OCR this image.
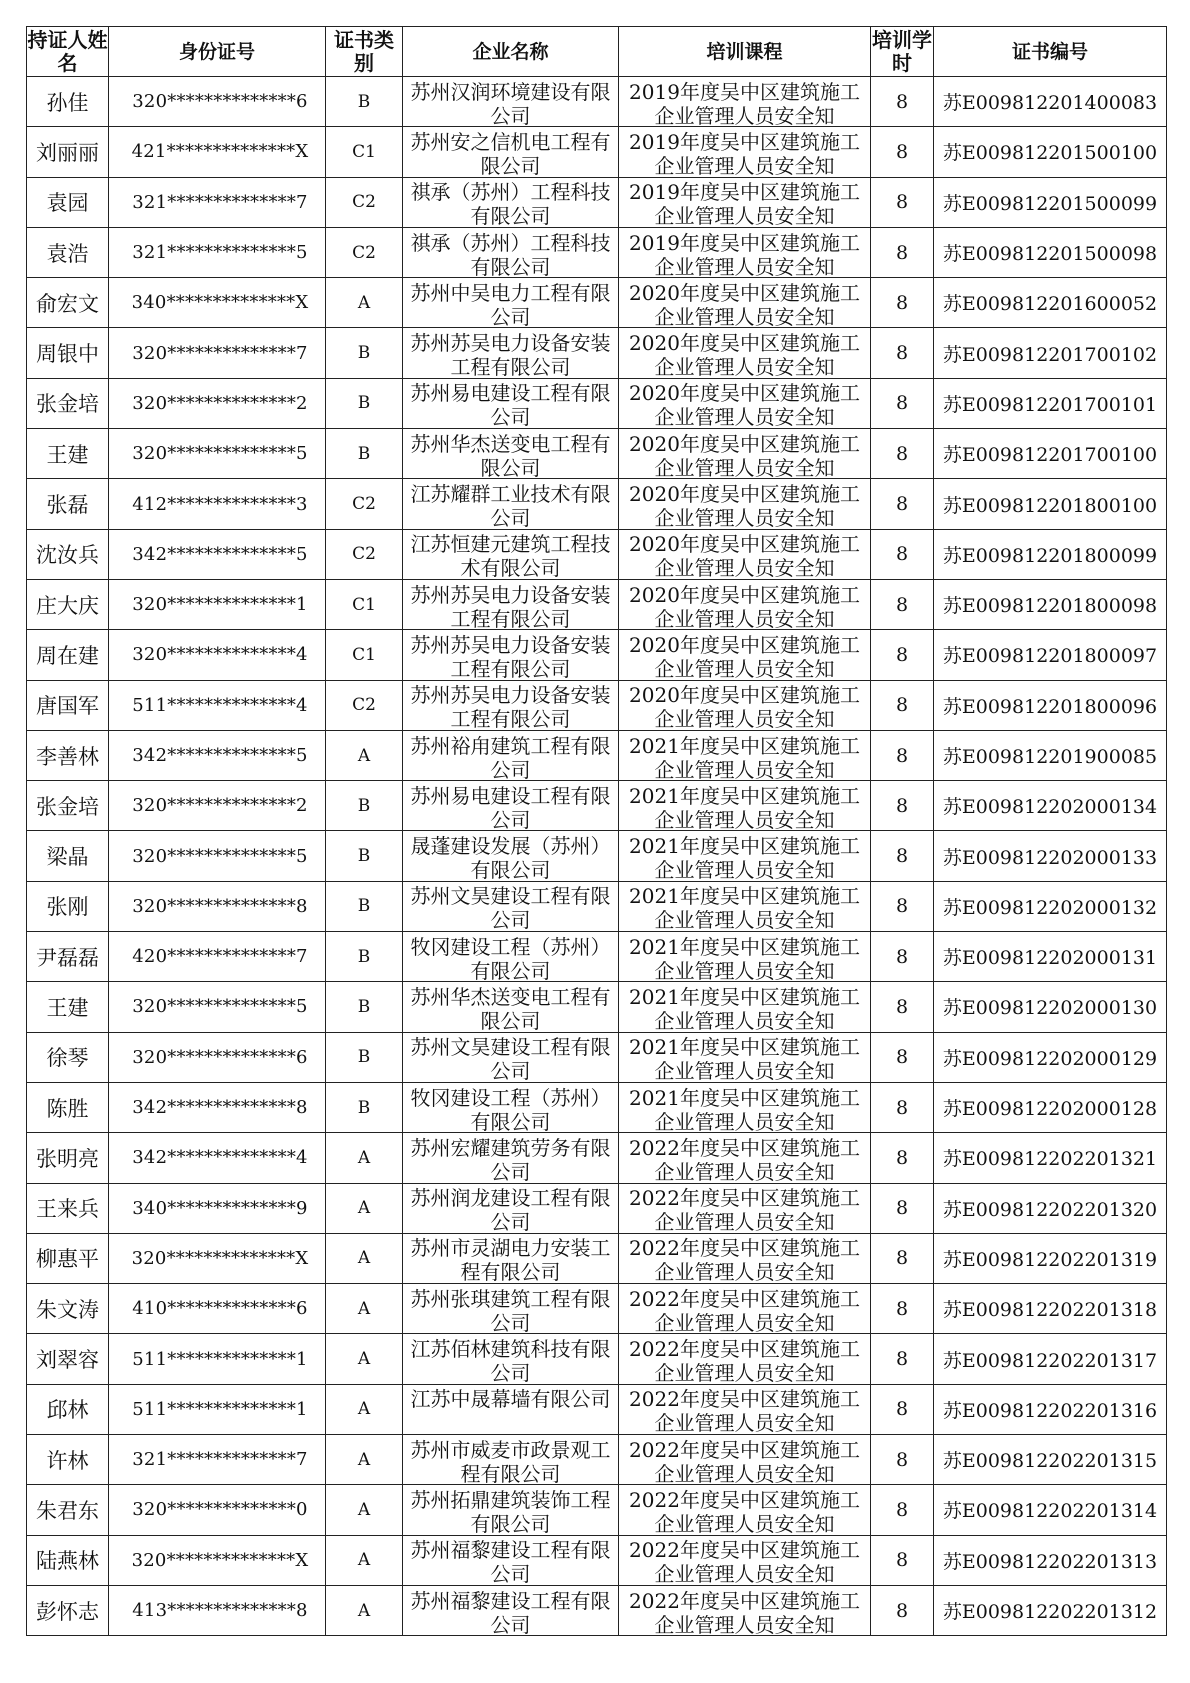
持证人姓名	身份证号	证书类别	企业名称	培训课程	培训学时	证书编号
孙佳	320**************6	B	苏州汉润环境建设有限公司	2019年度吴中区建筑施工企业管理人员安全知	8	苏E009812201400083
刘丽丽	421**************X	C1	苏州安之信机电工程有限公司	2019年度吴中区建筑施工企业管理人员安全知	8	苏E009812201500100
袁园	321**************7	C2	祺承（苏州）工程科技有限公司	2019年度吴中区建筑施工企业管理人员安全知	8	苏E009812201500099
袁浩	321**************5	C2	祺承（苏州）工程科技有限公司	2019年度吴中区建筑施工企业管理人员安全知	8	苏E009812201500098
俞宏文	340**************X	A	苏州中吴电力工程有限公司	2020年度吴中区建筑施工企业管理人员安全知	8	苏E009812201600052
周银中	320**************7	B	苏州苏吴电力设备安装工程有限公司	2020年度吴中区建筑施工企业管理人员安全知	8	苏E009812201700102
张金培	320**************2	B	苏州易电建设工程有限公司	2020年度吴中区建筑施工企业管理人员安全知	8	苏E009812201700101
王建	320**************5	B	苏州华杰送变电工程有限公司	2020年度吴中区建筑施工企业管理人员安全知	8	苏E009812201700100
张磊	412**************3	C2	江苏耀群工业技术有限公司	2020年度吴中区建筑施工企业管理人员安全知	8	苏E009812201800100
沈汝兵	342**************5	C2	江苏恒建元建筑工程技术有限公司	2020年度吴中区建筑施工企业管理人员安全知	8	苏E009812201800099
庄大庆	320**************1	C1	苏州苏吴电力设备安装工程有限公司	2020年度吴中区建筑施工企业管理人员安全知	8	苏E009812201800098
周在建	320**************4	C1	苏州苏吴电力设备安装工程有限公司	2020年度吴中区建筑施工企业管理人员安全知	8	苏E009812201800097
唐国军	511**************4	C2	苏州苏吴电力设备安装工程有限公司	2020年度吴中区建筑施工企业管理人员安全知	8	苏E009812201800096
李善林	342**************5	A	苏州裕甪建筑工程有限公司	2021年度吴中区建筑施工企业管理人员安全知	8	苏E009812201900085
张金培	320**************2	B	苏州易电建设工程有限公司	2021年度吴中区建筑施工企业管理人员安全知	8	苏E009812202000134
梁晶	320**************5	B	晟蓬建设发展（苏州）有限公司	2021年度吴中区建筑施工企业管理人员安全知	8	苏E009812202000133
张刚	320**************8	B	苏州文昊建设工程有限公司	2021年度吴中区建筑施工企业管理人员安全知	8	苏E009812202000132
尹磊磊	420**************7	B	牧冈建设工程（苏州）有限公司	2021年度吴中区建筑施工企业管理人员安全知	8	苏E009812202000131
王建	320**************5	B	苏州华杰送变电工程有限公司	2021年度吴中区建筑施工企业管理人员安全知	8	苏E009812202000130
徐琴	320**************6	B	苏州文昊建设工程有限公司	2021年度吴中区建筑施工企业管理人员安全知	8	苏E009812202000129
陈胜	342**************8	B	牧冈建设工程（苏州）有限公司	2021年度吴中区建筑施工企业管理人员安全知	8	苏E009812202000128
张明亮	342**************4	A	苏州宏耀建筑劳务有限公司	2022年度吴中区建筑施工企业管理人员安全知	8	苏E009812202201321
王来兵	340**************9	A	苏州润龙建设工程有限公司	2022年度吴中区建筑施工企业管理人员安全知	8	苏E009812202201320
柳惠平	320**************X	A	苏州市灵湖电力安装工程有限公司	2022年度吴中区建筑施工企业管理人员安全知	8	苏E009812202201319
朱文涛	410**************6	A	苏州张琪建筑工程有限公司	2022年度吴中区建筑施工企业管理人员安全知	8	苏E009812202201318
刘翠容	511**************1	A	江苏佰林建筑科技有限公司	2022年度吴中区建筑施工企业管理人员安全知	8	苏E009812202201317
邱林	511**************1	A	江苏中晟幕墙有限公司	2022年度吴中区建筑施工企业管理人员安全知	8	苏E009812202201316
许林	321**************7	A	苏州市威麦市政景观工程有限公司	2022年度吴中区建筑施工企业管理人员安全知	8	苏E009812202201315
朱君东	320**************0	A	苏州拓鼎建筑装饰工程有限公司	2022年度吴中区建筑施工企业管理人员安全知	8	苏E009812202201314
陆燕林	320**************X	A	苏州福黎建设工程有限公司	2022年度吴中区建筑施工企业管理人员安全知	8	苏E009812202201313
彭怀志	413**************8	A	苏州福黎建设工程有限公司	2022年度吴中区建筑施工企业管理人员安全知	8	苏E009812202201312
